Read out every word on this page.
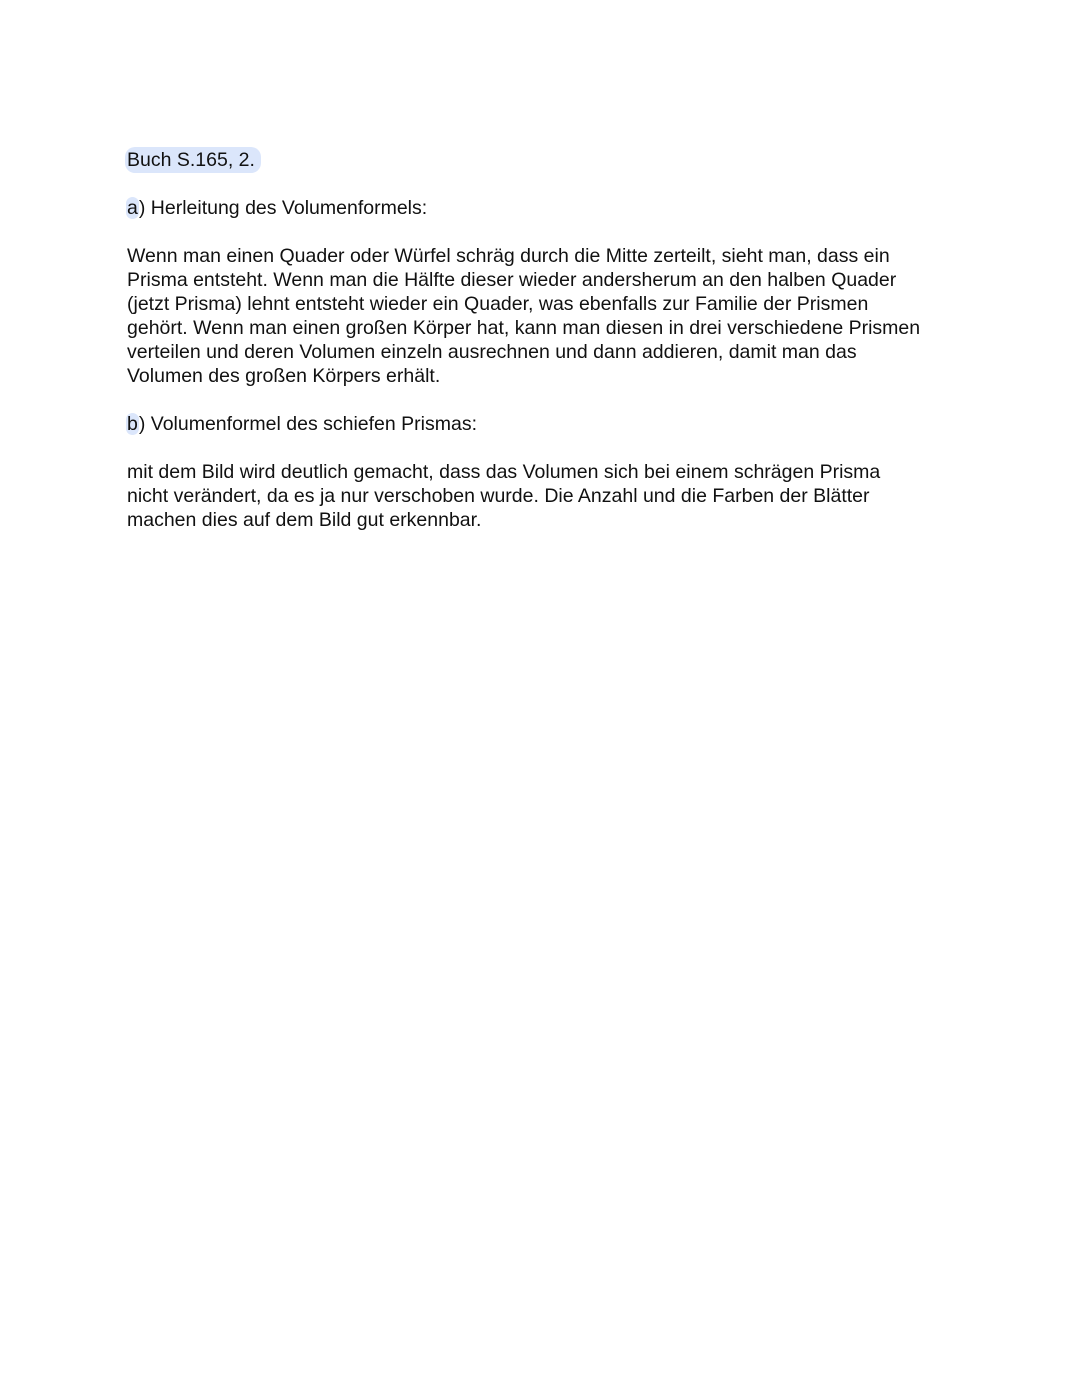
Buch S.165, 2.
a) Herleitung des Volumenformels:

Wenn man einen Quader oder Würfel schräg durch die Mitte zerteilt, sieht man, dass ein
Prisma entsteht. Wenn man die Hälfte dieser wieder andersherum an den halben Quader
(jetzt Prisma) lehnt entsteht wieder ein Quader, was ebenfalls zur Familie der Prismen
gehört. Wenn man einen großen Körper hat, kann man diesen in drei verschiedene Prismen
verteilen und deren Volumen einzeln ausrechnen und dann addieren, damit man das
Volumen des großen Körpers erhält.

b) Volumenformel des schiefen Prismas:

mit dem Bild wird deutlich gemacht, dass das Volumen sich bei einem schrägen Prisma
nicht verändert, da es ja nur verschoben wurde. Die Anzahl und die Farben der Blätter
machen dies auf dem Bild gut erkennbar.
